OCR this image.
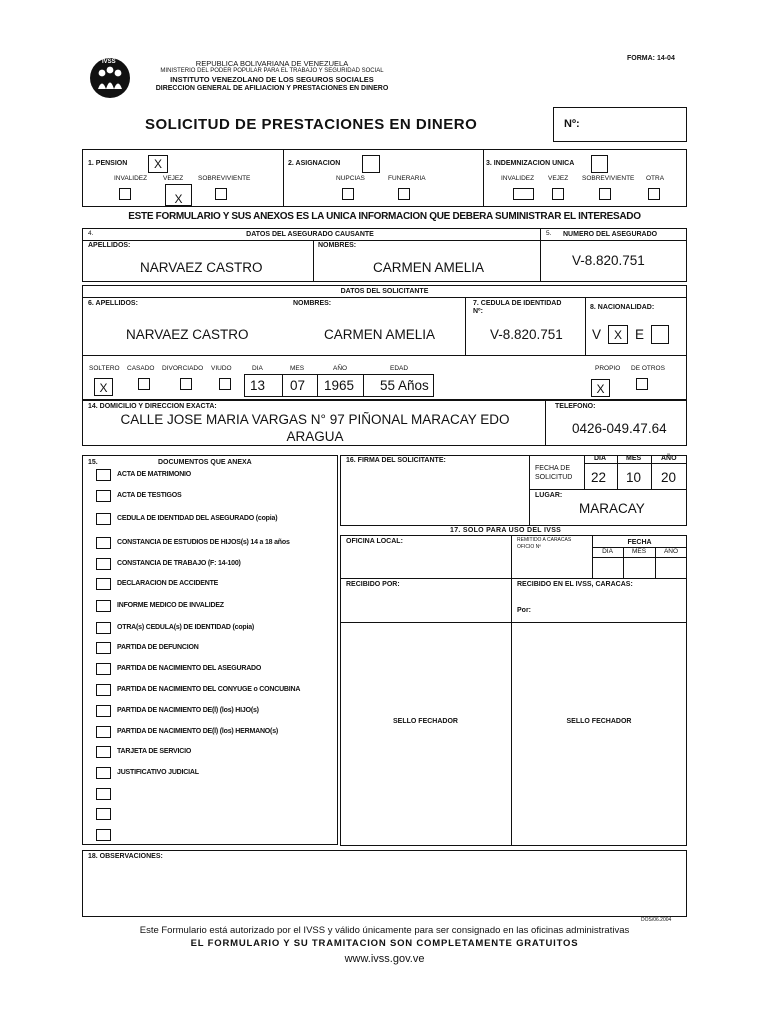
FORMA: 14-04
IVSS	REPUBLICA BOLIVARIANA DE VENEZUELA
MINISTERIO DEL PODER POPULAR PARA EL TRABAJO Y SEGURIDAD SOCIAL
INSTITUTO VENEZOLANO DE LOS SEGUROS SOCIALES
DIRECCION GENERAL DE AFILIACION Y PRESTACIONES EN DINERO
SOLICITUD DE PRESTACIONES EN DINERO	Nº:
1. PENSION	X
INVALIDEZ VEJEZ SOBREVIVIENTE
X
2. ASIGNACION
NUPCIAS	FUNERARIA
3. INDEMNIZACION UNICA
INVALIDEZ VEJEZ SOBREVIVIENTE OTRA
ESTE FORMULARIO Y SUS ANEXOS ES LA UNICA INFORMACION QUE DEBERA SUMINISTRAR EL INTERESADO
4.	DATOS DEL ASEGURADO CAUSANTE	5. NUMERO DEL ASEGURADO
APELLIDOS:	NOMBRES:
NARVAEZ CASTRO	CARMEN AMELIA	V-8.820.751
DATOS DEL SOLICITANTE
6. APELLIDOS:	NOMBRES:	7. CEDULA DE IDENTIDAD
Nº:
8. NACIONALIDAD:
NARVAEZ CASTRO	CARMEN AMELIA	V-8.820.751 V	X E
SOLTERO CASADO DIVORCIADO VIUDO
X
DIA	MES	AÑO	EDAD
13 07 1965 55 Años
PROPIO DE OTROS
X
14. DOMICILIO Y DIRECCION EXACTA:	TELEFONO:
CALLE JOSE MARIA VARGAS N° 97 PIÑONAL MARACAY EDO
ARAGUA
0426-049.47.64
15.	DOCUMENTOS QUE ANEXA
ACTA DE MATRIMONIO
ACTA DE TESTIGOS
CEDULA DE IDENTIDAD DEL ASEGURADO (copia)
CONSTANCIA DE ESTUDIOS DE HIJOS(s) 14 a 18 años
CONSTANCIA DE TRABAJO (F: 14-100)
DECLARACION DE ACCIDENTE
INFORME MEDICO DE INVALIDEZ
OTRA(s) CEDULA(s) DE IDENTIDAD (copia)
PARTIDA DE DEFUNCION
PARTIDA DE NACIMIENTO DEL ASEGURADO
PARTIDA DE NACIMIENTO DEL CONYUGE o CONCUBINA
PARTIDA DE NACIMIENTO DE(l) (los) HIJO(s)
PARTIDA DE NACIMIENTO DE(l) (los) HERMANO(s)
TARJETA DE SERVICIO
JUSTIFICATIVO JUDICIAL
16. FIRMA DEL SOLICITANTE:
FECHA DE
SOLICITUD
DIA	MES	AÑO
22 10 20
LUGAR:
MARACAY
17. SOLO PARA USO DEL IVSS
OFICINA LOCAL:	REMITIDO A CARACAS
OFICIO Nº
FECHA
DIA	MES	AÑO
RECIBIDO POR:	RECIBIDO EN EL IVSS, CARACAS:
Por:
SELLO FECHADOR	SELLO FECHADOR
18. OBSERVACIONES:
DOS/06.2004
Este Formulario está autorizado por el IVSS y válido únicamente para ser consignado en las oficinas administrativas
EL FORMULARIO Y SU TRAMITACION SON COMPLETAMENTE GRATUITOS
www.ivss.gov.ve
